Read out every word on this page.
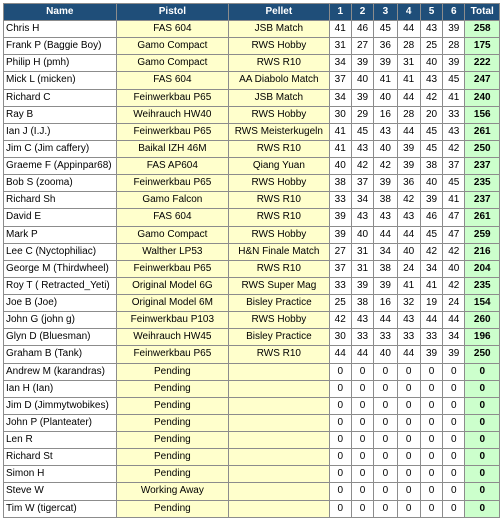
Name	Pistol	Pellet	1	2	3	4	5	6	Total
Chris H	FAS 604	JSB Match	41	46	45	44	43	39	258
Frank P (Baggie Boy)	Gamo Compact	RWS Hobby	31	27	36	28	25	28	175
Philip H (pmh)	Gamo Compact	RWS R10	34	39	39	31	40	39	222
Mick L (micken)	FAS 604	AA Diabolo Match	37	40	41	41	43	45	247
Richard C	Feinwerkbau P65	JSB Match	34	39	40	44	42	41	240
Ray B	Weihrauch HW40	RWS Hobby	30	29	16	28	20	33	156
Ian J (I.J.)	Feinwerkbau P65	RWS Meisterkugeln	41	45	43	44	45	43	261
Jim C (Jim caffery)	Baikal IZH 46M	RWS R10	41	43	40	39	45	42	250
Graeme F (Appinpar68)	FAS AP604	Qiang Yuan	40	42	42	39	38	37	237
Bob S (zooma)	Feinwerkbau P65	RWS Hobby	38	37	39	36	40	45	235
Richard Sh	Gamo Falcon	RWS R10	33	34	38	42	39	41	237
David E	FAS 604	RWS R10	39	43	43	43	46	47	261
Mark P	Gamo Compact	RWS Hobby	39	40	44	44	45	47	259
Lee C (Nyctophiliac)	Walther LP53	H&N Finale Match	27	31	34	40	42	42	216
George M (Thirdwheel)	Feinwerkbau P65	RWS R10	37	31	38	24	34	40	204
Roy T ( Retracted_Yeti)	Original Model 6G	RWS Super Mag	33	39	39	41	41	42	235
Joe B (Joe)	Original Model 6M	Bisley Practice	25	38	16	32	19	24	154
John G (john g)	Feinwerkbau P103	RWS Hobby	42	43	44	43	44	44	260
Glyn D (Bluesman)	Weihrauch HW45	Bisley Practice	30	33	33	33	33	34	196
Graham B (Tank)	Feinwerkbau P65	RWS R10	44	44	40	44	39	39	250
Andrew M (karandras)	Pending		0	0	0	0	0	0	0
Ian H (Ian)	Pending		0	0	0	0	0	0	0
Jim D (Jimmytwobikes)	Pending		0	0	0	0	0	0	0
John P (Planteater)	Pending		0	0	0	0	0	0	0
Len R	Pending		0	0	0	0	0	0	0
Richard St	Pending		0	0	0	0	0	0	0
Simon H	Pending		0	0	0	0	0	0	0
Steve W	Working Away		0	0	0	0	0	0	0
Tim W (tigercat)	Pending		0	0	0	0	0	0	0
